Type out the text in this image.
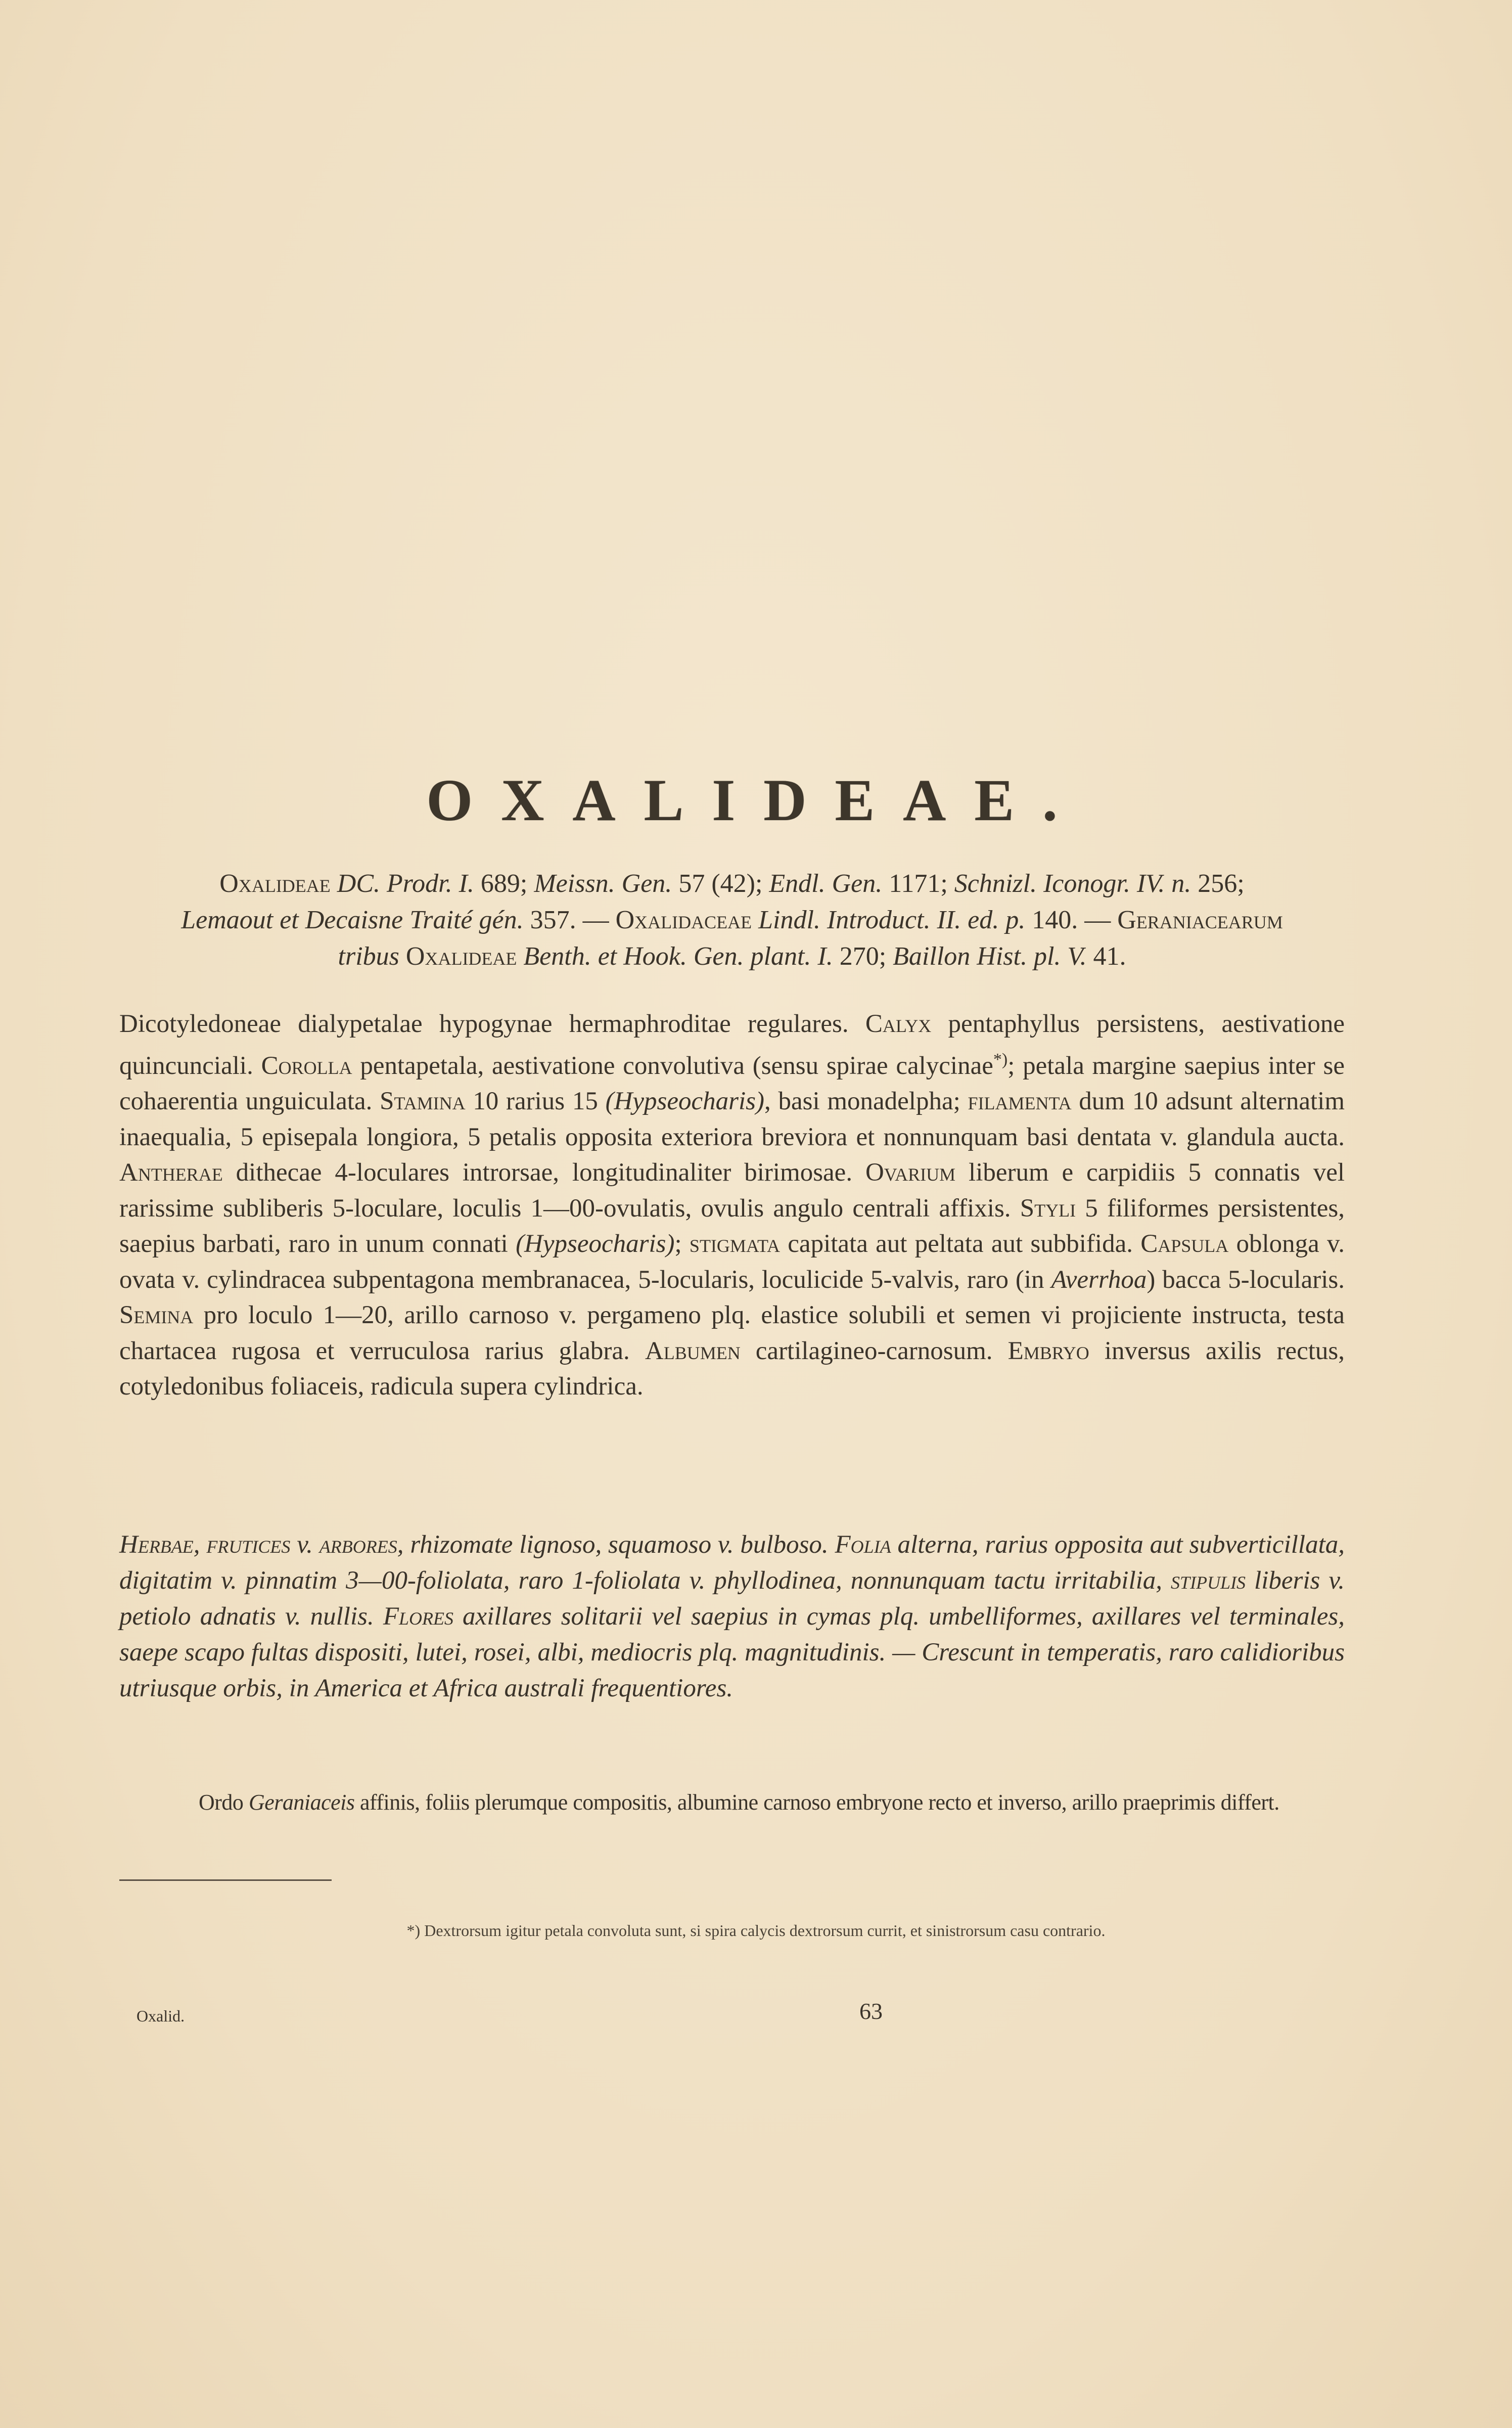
OXALIDEAE.
Oxalideae DC. Prodr. I. 689; Meissn. Gen. 57 (42); Endl. Gen. 1171; Schnizl. Iconogr. IV. n. 256;
Lemaout et Decaisne Traité gén. 357. — Oxalidaceae Lindl. Introduct. II. ed. p. 140. — Geraniacearum
tribus Oxalideae Benth. et Hook. Gen. plant. I. 270; Baillon Hist. pl. V. 41.
Dicotyledoneae dialypetalae hypogynae hermaphroditae regulares. Calyx pentaphyllus persistens, aestivatione quincunciali. Corolla pentapetala, aestivatione convolutiva (sensu spirae calycinae*); petala margine saepius inter se cohaerentia unguiculata. Stamina 10 rarius 15 (Hypseocharis), basi monadelpha; filamenta dum 10 adsunt alternatim inaequalia, 5 episepala longiora, 5 petalis opposita exteriora breviora et nonnunquam basi dentata v. glandula aucta. Antherae dithecae 4-loculares introrsae, longitudinaliter birimosae. Ovarium liberum e carpidiis 5 connatis vel rarissime subliberis 5-loculare, loculis 1—00-ovulatis, ovulis angulo centrali affixis. Styli 5 filiformes persistentes, saepius barbati, raro in unum connati (Hypseocharis); stigmata capitata aut peltata aut subbifida. Capsula oblonga v. ovata v. cylindracea subpentagona membranacea, 5-locularis, loculicide 5-valvis, raro (in Averrhoa) bacca 5-locularis. Semina pro loculo 1—20, arillo carnoso v. pergameno plq. elastice solubili et semen vi projiciente instructa, testa chartacea rugosa et verruculosa rarius glabra. Albumen cartilagineo-carnosum. Embryo inversus axilis rectus, cotyledonibus foliaceis, radicula supera cylindrica.
Herbae, frutices v. arbores, rhizomate lignoso, squamoso v. bulboso. Folia alterna, rarius opposita aut subverticillata, digitatim v. pinnatim 3—00-foliolata, raro 1-foliolata v. phyllodinea, nonnunquam tactu irritabilia, stipulis liberis v. petiolo adnatis v. nullis. Flores axillares solitarii vel saepius in cymas plq. umbelliformes, axillares vel terminales, saepe scapo fultas dispositi, lutei, rosei, albi, mediocris plq. magnitudinis. — Crescunt in temperatis, raro calidioribus utriusque orbis, in America et Africa australi frequentiores.
Ordo Geraniaceis affinis, foliis plerumque compositis, albumine carnoso embryone recto et inverso, arillo praeprimis differt.
*) Dextrorsum igitur petala convoluta sunt, si spira calycis dextrorsum currit, et sinistrorsum casu contrario.
Oxalid.	63
